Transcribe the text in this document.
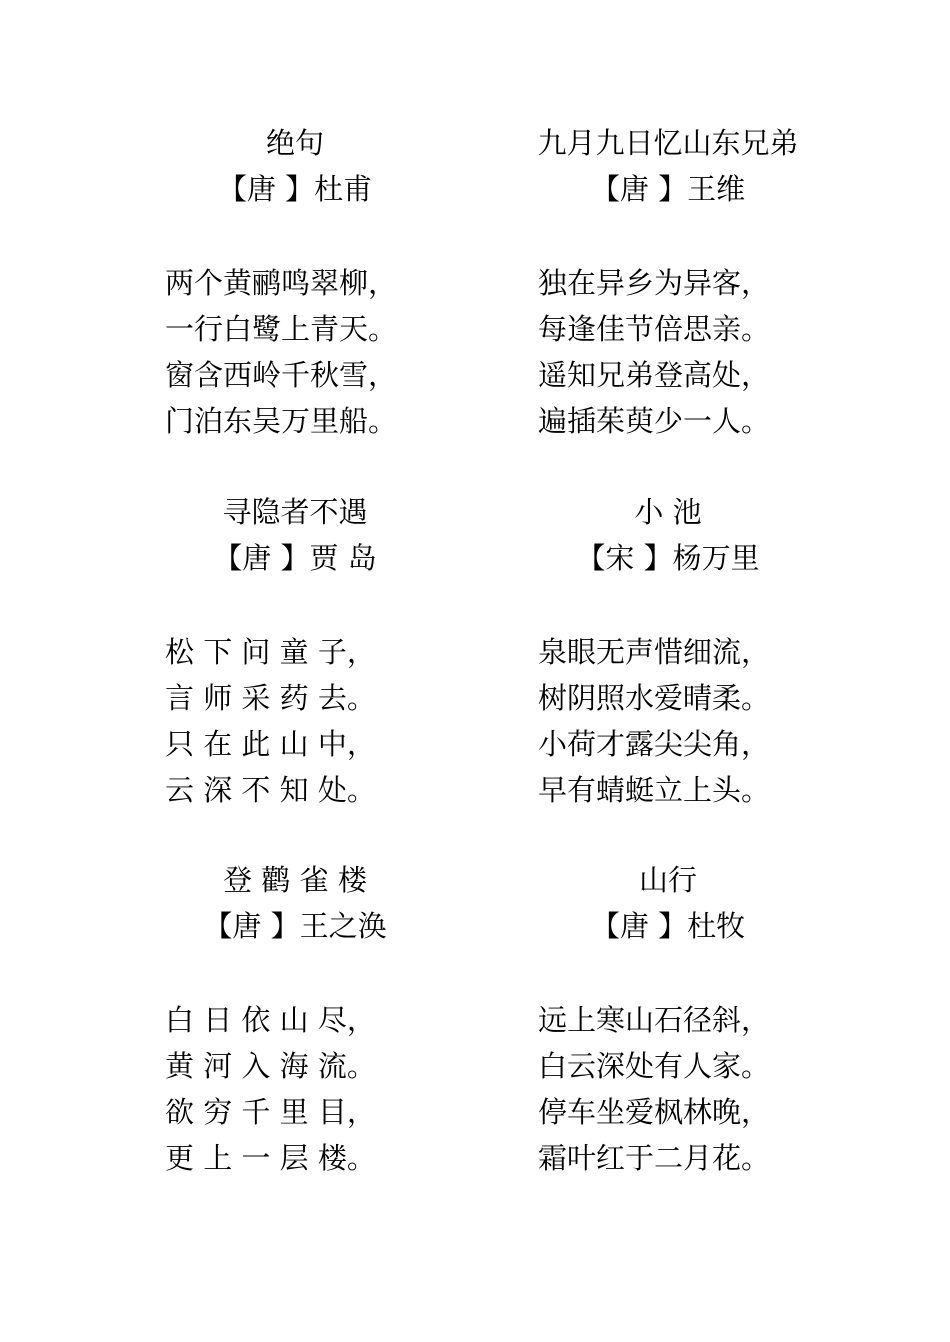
绝句
【唐 】杜甫
两个黄鹂鸣翠柳，
一行白鹭上青天。
窗含西岭千秋雪，
门泊东吴万里船。
九月九日忆山东兄弟
【唐 】王维
独在异乡为异客，
每逢佳节倍思亲。
遥知兄弟登高处，
遍插茱萸少一人。
寻隐者不遇
【唐 】贾 岛
松 下 问 童 子，
言 师 采 药 去。
只 在 此 山 中，
云 深 不 知 处。
小 池
【宋 】杨万里
泉眼无声惜细流，
树阴照水爱晴柔。
小荷才露尖尖角，
早有蜻蜓立上头。
登 鹳 雀 楼
【唐 】王之涣
白 日 依 山 尽，
黄 河 入 海 流。
欲 穷 千 里 目，
更 上 一 层 楼。
山行
【唐 】杜牧
远上寒山石径斜，
白云深处有人家。
停车坐爱枫林晚，
霜叶红于二月花。
